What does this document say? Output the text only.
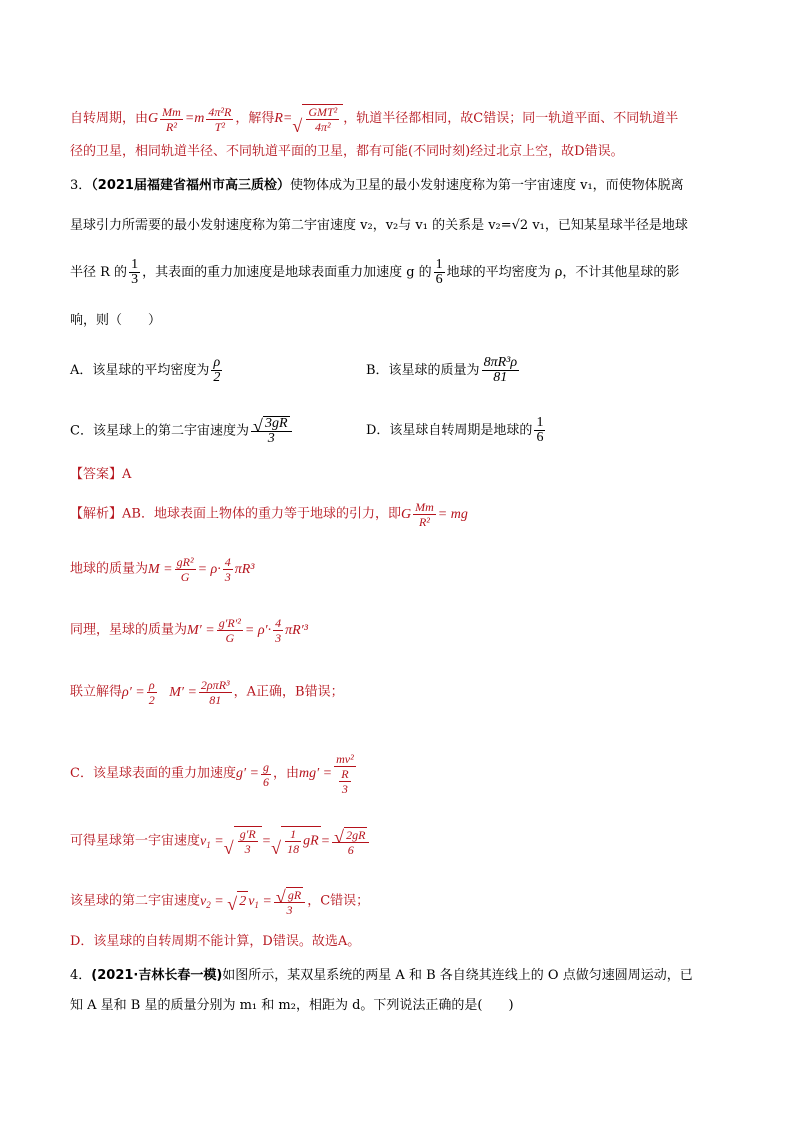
自转周期，由G $\frac{Mm}{\text{R²}} =m \frac{\text{4π²R}}{\text{T²}}$ ，解得R= √ $\frac{\text{GMT²}}{\text{4π²}}$ ，轨道半径都相同，故C错误；同一轨道平面、不同轨道半
径的卫星，相同轨道半径、不同轨道平面的卫星，都有可能(不同时刻)经过北京上空，故D错误。
3．（2021届福建省福州市高三质检）使物体成为卫星的最小发射速度称为第一宇宙速度 v₁，而使物体脱离
星球引力所需要的最小发射速度称为第二宇宙速度 v₂，v₂与 v₁ 的关系是 v₂=√2 v₁，已知某星球半径是地球
半径 R 的 $\frac{1}{3}$ ，其表面的重力加速度是地球表面重力加速度 g 的 $\frac{1}{6}$ 地球的平均密度为 ρ，不计其他星球的影
响，则（　　）
A．该星球的平均密度为 $\frac{\rho}{2}$	B．该星球的质量为 $\frac{\text{8πR³ρ}}{81}$
C．该星球上的第二宇宙速度为 √ $\frac{3gR}{3}$	D．该星球自转周期是地球的 $\frac{1}{6}$
【答案】A
【解析】AB．地球表面上物体的重力等于地球的引力，即G $\frac{Mm}{\text{R²}}$ = mg
地球的质量为$M = \frac{\text{gR²}}{G} = \rho\cdot \frac{4}{3} \pi R^3$
同理，星球的质量为$M' = \frac{\text{g′R′²}}{G} = \rho'\cdot \frac{4}{3} \pi R'^3$
联立解得$\rho' = \frac{\rho}{2} M' = \frac{\text{2ρπR³}}{81}$ ，A正确，B错误；
C．该星球表面的重力加速度$g' = \frac{g}{6}$ ，由$mg' = \frac{\text{mv²}}{\frac{R}{3}}$
可得星球第一宇宙速度$v_1$ = √ $\frac{g'R}{3}$ = √ $\frac{1}{18}$ gR = √ $\frac{2gR}{6}$
该星球的第二宇宙速度$v_2$ = √ 2 $v_1$ = √ $\frac{gR}{3}$ ，C错误；
D．该星球的自转周期不能计算，D错误。故选A。
4．(2021·吉林长春一模)如图所示，某双星系统的两星 A 和 B 各自绕其连线上的 O 点做匀速圆周运动，已
知 A 星和 B 星的质量分别为 m₁ 和 m₂，相距为 d。下列说法正确的是(　　)
